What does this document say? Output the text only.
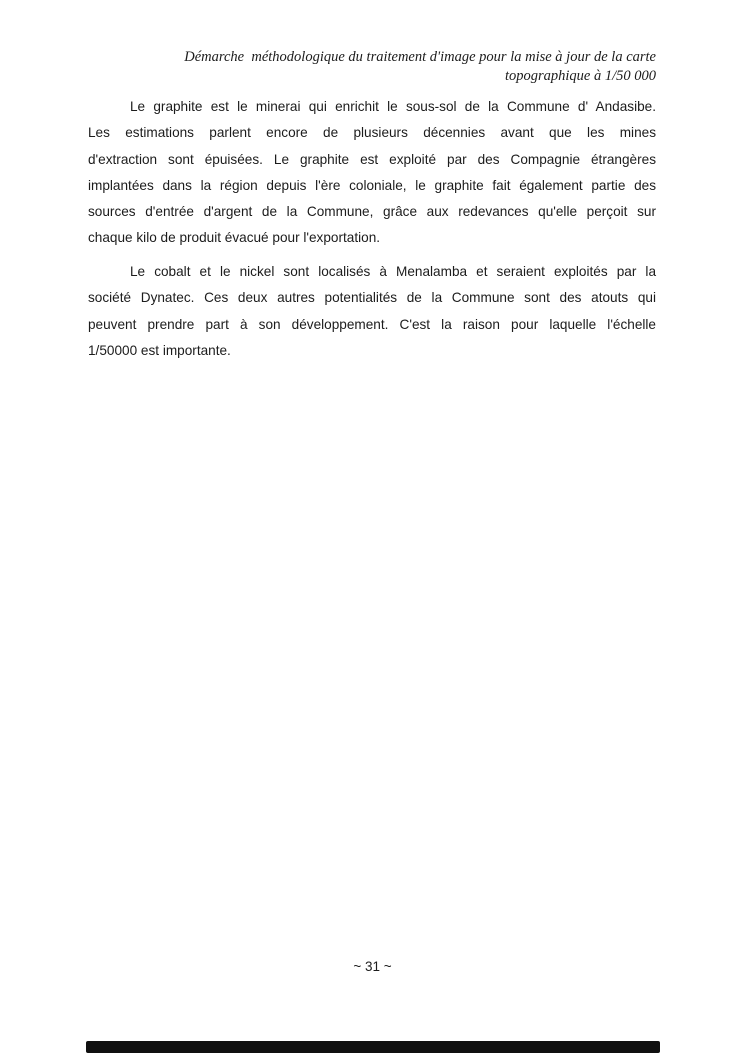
Démarche  méthodologique du traitement d'image pour la mise à jour de la carte
topographique à 1/50 000
Le graphite est le minerai qui enrichit le sous-sol de la Commune d' Andasibe.
Les estimations parlent encore de plusieurs décennies avant que les mines
d'extraction sont épuisées. Le graphite est exploité par des Compagnie étrangères
implantées dans la région depuis l'ère coloniale, le graphite fait également partie des
sources d'entrée d'argent de la Commune, grâce aux redevances qu'elle perçoit sur
chaque kilo de produit évacué pour l'exportation.
Le cobalt et le nickel sont localisés à Menalamba et seraient exploités par la
société Dynatec. Ces deux autres potentialités de la Commune sont des atouts qui
peuvent prendre part à son développement. C'est la raison pour laquelle l'échelle
1/50000 est importante.
~ 31 ~
